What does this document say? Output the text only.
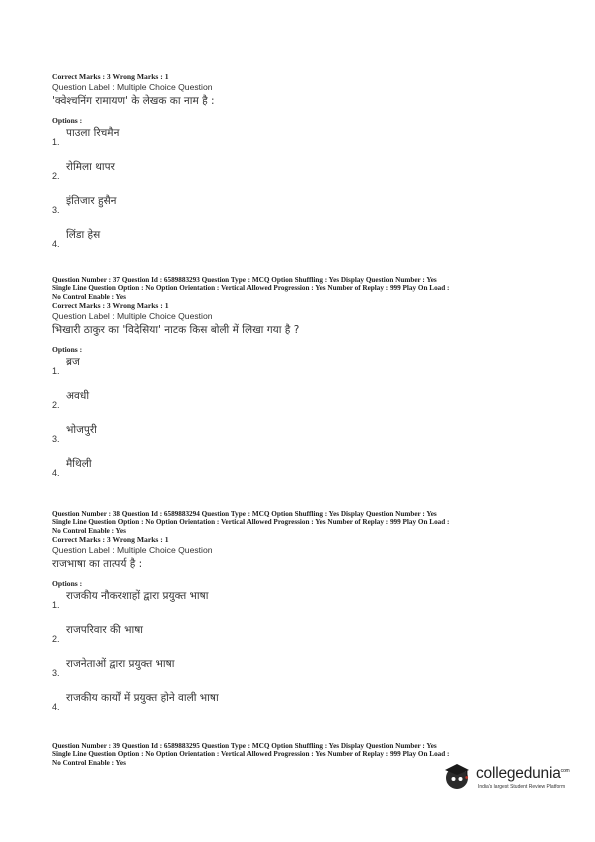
Correct Marks : 3 Wrong Marks : 1
Question Label : Multiple Choice Question
'क्वेश्चनिंग रामायण' के लेखक का नाम है :
Options :
1.
पाउला रिचमैन
2.
रोमिला थापर
3.
इंतिजार हुसैन
4.
लिंडा हेस
Question Number : 37 Question Id : 6589883293 Question Type : MCQ Option Shuffling : Yes Display Question Number : Yes
Single Line Question Option : No Option Orientation : Vertical Allowed Progression : Yes Number of Replay : 999 Play On Load :
No Control Enable : Yes
Correct Marks : 3 Wrong Marks : 1
Question Label : Multiple Choice Question
भिखारी ठाकुर का 'विदेसिया' नाटक किस बोली में लिखा गया है ?
Options :
1.
ब्रज
2.
अवधी
3.
भोजपुरी
4.
मैथिली
Question Number : 38 Question Id : 6589883294 Question Type : MCQ Option Shuffling : Yes Display Question Number : Yes
Single Line Question Option : No Option Orientation : Vertical Allowed Progression : Yes Number of Replay : 999 Play On Load :
No Control Enable : Yes
Correct Marks : 3 Wrong Marks : 1
Question Label : Multiple Choice Question
राजभाषा का तात्पर्य है :
Options :
1.
राजकीय नौकरशाहों द्वारा प्रयुक्त भाषा
2.
राजपरिवार की भाषा
3.
राजनेताओं द्वारा प्रयुक्त भाषा
4.
राजकीय कार्यों में प्रयुक्त होने वाली भाषा
Question Number : 39 Question Id : 6589883295 Question Type : MCQ Option Shuffling : Yes Display Question Number : Yes
Single Line Question Option : No Option Orientation : Vertical Allowed Progression : Yes Number of Replay : 999 Play On Load :
No Control Enable : Yes
collegedunia$^{com}$
India's largest Student Review Platform
